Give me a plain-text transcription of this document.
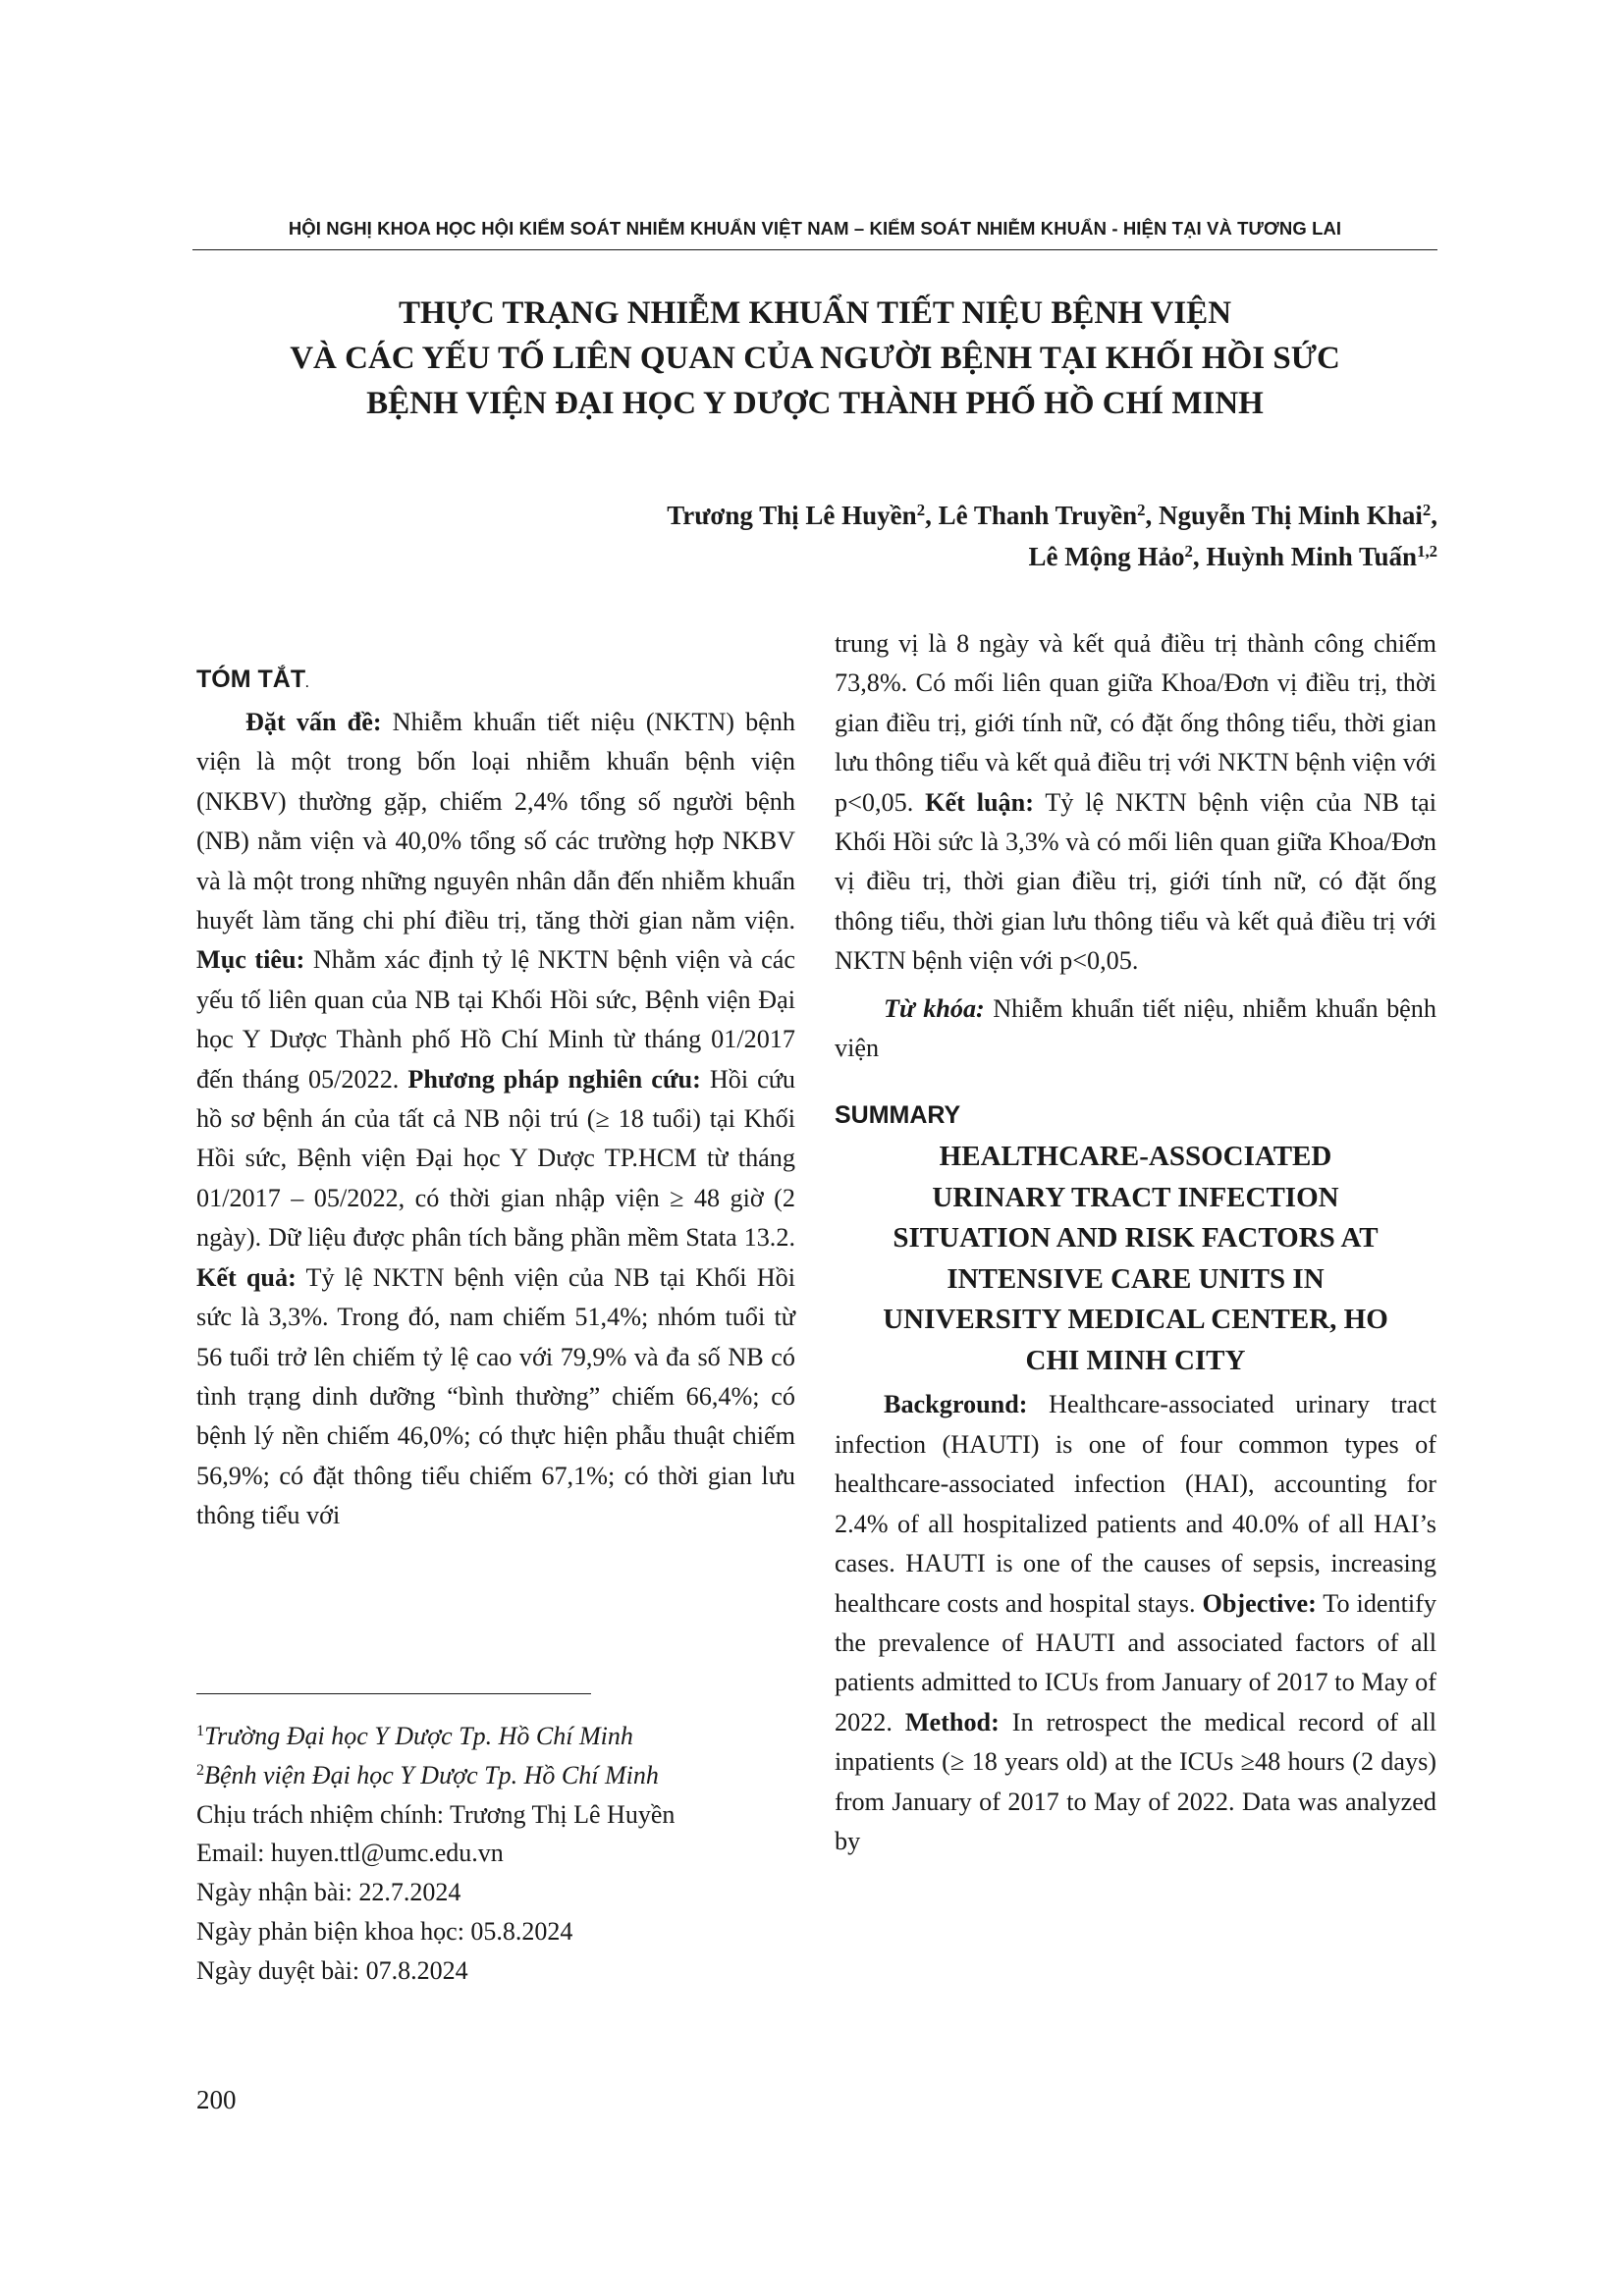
HỘI NGHỊ KHOA HỌC HỘI KIỂM SOÁT NHIỄM KHUẨN VIỆT NAM – KIỂM SOÁT NHIỄM KHUẨN - HIỆN TẠI VÀ TƯƠNG LAI
THỰC TRẠNG NHIỄM KHUẨN TIẾT NIỆU BỆNH VIỆN
VÀ CÁC YẾU TỐ LIÊN QUAN CỦA NGƯỜI BỆNH TẠI KHỐI HỒI SỨC
BỆNH VIỆN ĐẠI HỌC Y DƯỢC THÀNH PHỐ HỒ CHÍ MINH
Trương Thị Lê Huyền$^2$, Lê Thanh Truyền$^2$, Nguyễn Thị Minh Khai$^2$,
Lê Mộng Hảo$^2$, Huỳnh Minh Tuấn$^{1,2}$
TÓM TẮT.

Đặt vấn đề: Nhiễm khuẩn tiết niệu (NKTN) bệnh viện là một trong bốn loại nhiễm khuẩn bệnh viện (NKBV) thường gặp, chiếm 2,4% tổng số người bệnh (NB) nằm viện và 40,0% tổng số các trường hợp NKBV và là một trong những nguyên nhân dẫn đến nhiễm khuẩn huyết làm tăng chi phí điều trị, tăng thời gian nằm viện. Mục tiêu: Nhằm xác định tỷ lệ NKTN bệnh viện và các yếu tố liên quan của NB tại Khối Hồi sức, Bệnh viện Đại học Y Dược Thành phố Hồ Chí Minh từ tháng 01/2017 đến tháng 05/2022. Phương pháp nghiên cứu: Hồi cứu hồ sơ bệnh án của tất cả NB nội trú (≥ 18 tuổi) tại Khối Hồi sức, Bệnh viện Đại học Y Dược TP.HCM từ tháng 01/2017 – 05/2022, có thời gian nhập viện ≥ 48 giờ (2 ngày). Dữ liệu được phân tích bằng phần mềm Stata 13.2. Kết quả: Tỷ lệ NKTN bệnh viện của NB tại Khối Hồi sức là 3,3%. Trong đó, nam chiếm 51,4%; nhóm tuổi từ 56 tuổi trở lên chiếm tỷ lệ cao với 79,9% và đa số NB có tình trạng dinh dưỡng “bình thường” chiếm 66,4%; có bệnh lý nền chiếm 46,0%; có thực hiện phẫu thuật chiếm 56,9%; có đặt thông tiểu chiếm 67,1%; có thời gian lưu thông tiểu với

$^1$Trường Đại học Y Dược Tp. Hồ Chí Minh
$^2$Bệnh viện Đại học Y Dược Tp. Hồ Chí Minh
Chịu trách nhiệm chính: Trương Thị Lê Huyền
Email: huyen.ttl@umc.edu.vn
Ngày nhận bài: 22.7.2024
Ngày phản biện khoa học: 05.8.2024
Ngày duyệt bài: 07.8.2024
200

trung vị là 8 ngày và kết quả điều trị thành công chiếm 73,8%. Có mối liên quan giữa Khoa/Đơn vị điều trị, thời gian điều trị, giới tính nữ, có đặt ống thông tiểu, thời gian lưu thông tiểu và kết quả điều trị với NKTN bệnh viện với p<0,05. Kết luận: Tỷ lệ NKTN bệnh viện của NB tại Khối Hồi sức là 3,3% và có mối liên quan giữa Khoa/Đơn vị điều trị, thời gian điều trị, giới tính nữ, có đặt ống thông tiểu, thời gian lưu thông tiểu và kết quả điều trị với NKTN bệnh viện với p<0,05.

Từ khóa: Nhiễm khuẩn tiết niệu, nhiễm khuẩn bệnh viện

SUMMARY
HEALTHCARE-ASSOCIATED
URINARY TRACT INFECTION
SITUATION AND RISK FACTORS AT
INTENSIVE CARE UNITS IN
UNIVERSITY MEDICAL CENTER, HO
CHI MINH CITY

Background: Healthcare-associated urinary tract infection (HAUTI) is one of four common types of healthcare-associated infection (HAI), accounting for 2.4% of all hospitalized patients and 40.0% of all HAI’s cases. HAUTI is one of the causes of sepsis, increasing healthcare costs and hospital stays. Objective: To identify the prevalence of HAUTI and associated factors of all patients admitted to ICUs from January of 2017 to May of 2022. Method: In retrospect the medical record of all inpatients (≥ 18 years old) at the ICUs ≥48 hours (2 days) from January of 2017 to May of 2022. Data was analyzed by
